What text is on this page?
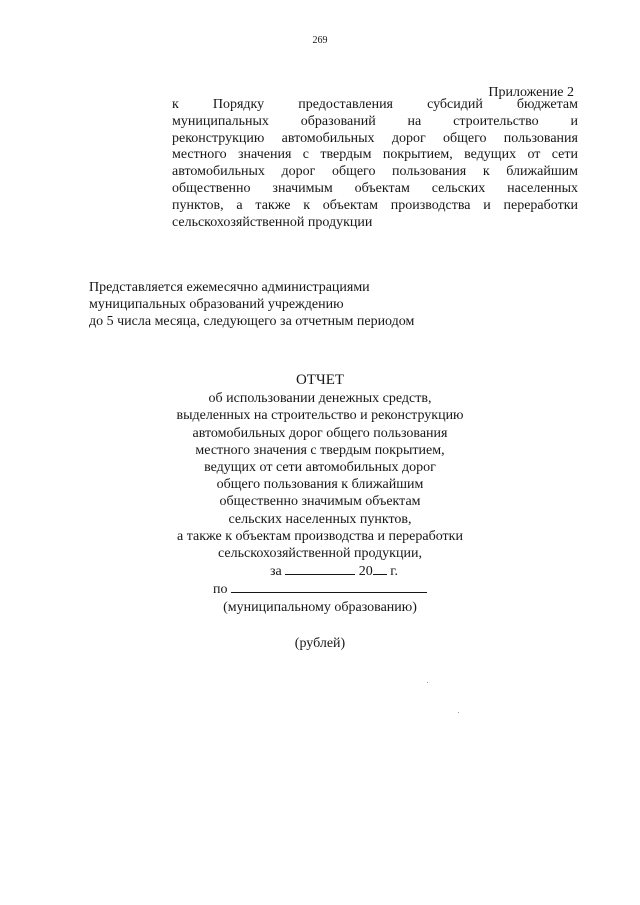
269
Приложение 2
к Порядку предоставления субсидий бюджетам
муниципальных образований на строительство и
реконструкцию автомобильных дорог общего пользования
местного значения с твердым покрытием, ведущих от сети
автомобильных дорог общего пользования к ближайшим
общественно значимым объектам сельских населенных
пунктов, а также к объектам производства и переработки
сельскохозяйственной продукции
Представляется ежемесячно администрациями
муниципальных образований учреждению
до 5 числа месяца, следующего за отчетным периодом
ОТЧЕТ
об использовании денежных средств,
выделенных на строительство и реконструкцию
автомобильных дорог общего пользования
местного значения с твердым покрытием,
ведущих от сети автомобильных дорог
общего пользования к ближайшим
общественно значимым объектам
сельских населенных пунктов,
а также к объектам производства и переработки
сельскохозяйственной продукции,
за	20 г.
по
(муниципальному образованию)
(рублей)
